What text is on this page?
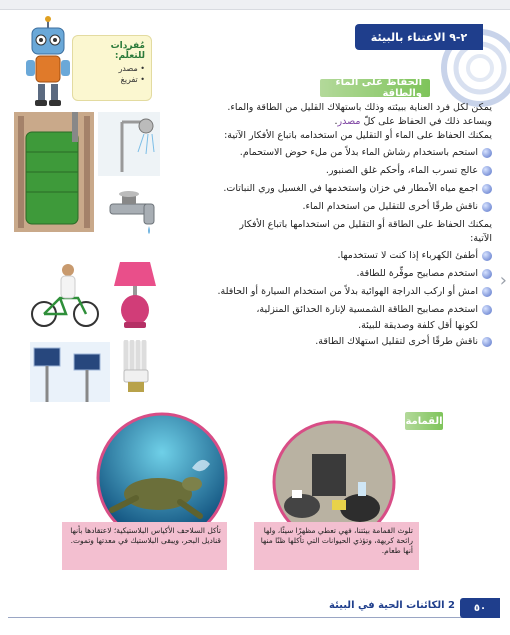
٢-٩ الاعتناء بالبيئة
مُفردات للتعلّم:
• مصدر
• تفريغ	الحفاظ على الماء والطاقة
يمكن لكل فرد العناية ببيئته وذلك باستهلاك القليل من الطاقة والماء.
ويساعد ذلك في الحفاظ على كلّ مصدر.
يمكنك الحفاظ على الماء أو التقليل من استخدامه باتباع الأفكار الآتية:
استحم باستخدام رشاش الماء بدلاً من ملء حوض الاستحمام.
عالج تسرب الماء، وأحكم غلق الصنبور.
اجمع مياه الأمطار في خزان واستخدمها في الغسيل وري النباتات.
ناقش طرقًا أخرى للتقليل من استخدام الماء.
يمكنك الحفاظ على الطاقة أو التقليل من استخدامها باتباع الأفكار
الآتية:
أطفئ الكهرباء إذا كنت لا تستخدمها.
استخدم مصابيح موفِّرة للطاقة.
امش أو اركب الدراجة الهوائية بدلاً من استخدام السيارة أو الحافلة.
استخدم مصابيح الطاقة الشمسية لإنارة الحدائق المنزلية،
لكونها أقل كلفة وصديقة للبيئة.
ناقش طرقًا أخرى لتقليل استهلاك الطاقة.
القمامة
تأكل السلاحف الأكياس البلاستيكية؛ لاعتقادها بأنها قناديل البحر، ويبقى البلاستيك في معدتها وتموت.
تلوث القمامة بيئتنا، فهي تعطي مظهرًا سيئًا، ولها رائحة كريهة، وتؤذي الحيوانات التي تأكلها ظنًا منها أنها طعام.
2 الكائنات الحية في البيئة	٥٠
›
